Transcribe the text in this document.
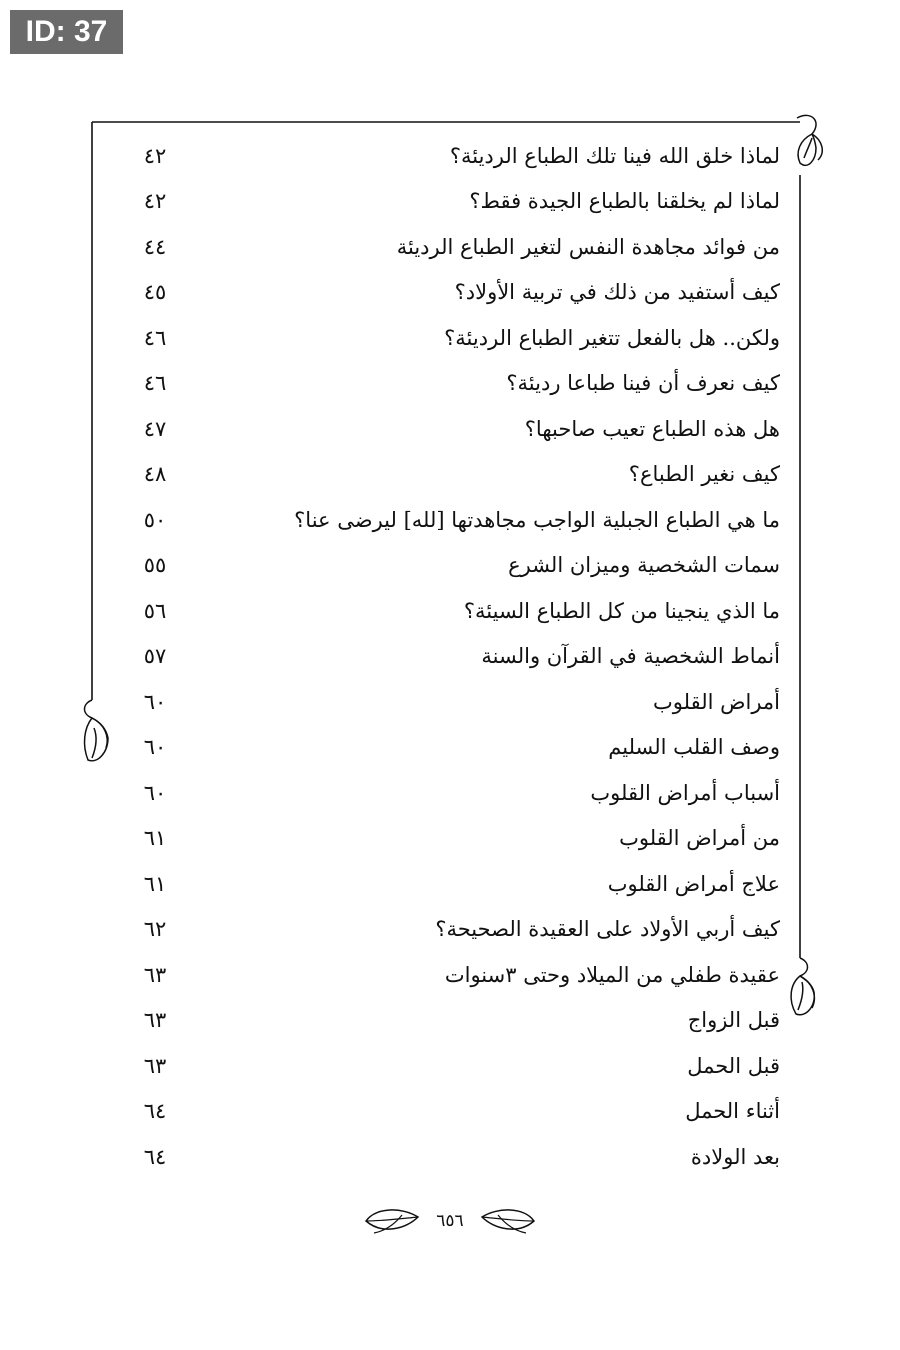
ID: 37
٤٢	لماذا خلق الله فينا تلك الطباع الرديئة؟
٤٢	لماذا لم يخلقنا بالطباع الجيدة فقط؟
٤٤	من فوائد مجاهدة النفس لتغير الطباع الرديئة
٤٥	كيف أستفيد من ذلك في تربية الأولاد؟
٤٦	ولكن.. هل بالفعل تتغير الطباع الرديئة؟
٤٦	كيف نعرف أن فينا طباعا رديئة؟
٤٧	هل هذه الطباع تعيب صاحبها؟
٤٨	كيف نغير الطباع؟
٥٠	ما هي الطباع الجبلية الواجب مجاهدتها [لله] ليرضى عنا؟
٥٥	سمات الشخصية وميزان الشرع
٥٦	ما الذي ينجينا من كل الطباع السيئة؟
٥٧	أنماط الشخصية في القرآن والسنة
٦٠	أمراض القلوب
٦٠	وصف القلب السليم
٦٠	أسباب أمراض القلوب
٦١	من أمراض القلوب
٦١	علاج أمراض القلوب
٦٢	كيف أربي الأولاد على العقيدة الصحيحة؟
٦٣	عقيدة طفلي من الميلاد وحتى ٣سنوات
٦٣	قبل الزواج
٦٣	قبل الحمل
٦٤	أثناء الحمل
٦٤	بعد الولادة
٦٥٦
